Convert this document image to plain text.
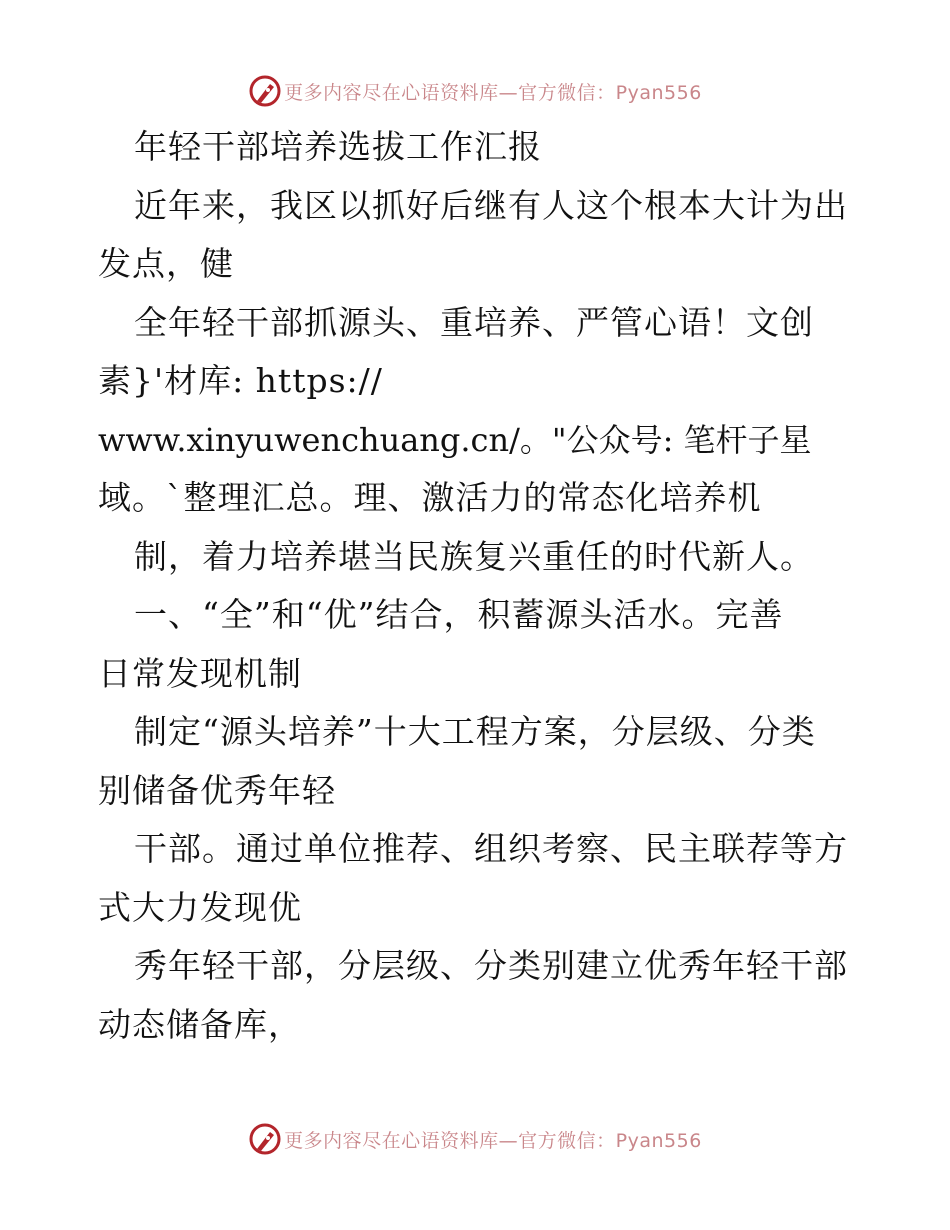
更多内容尽在心语资料库—官方微信：Pyan556
年轻干部培养选拔工作汇报
近年来，我区以抓好后继有人这个根本大计为出
发点，健
全年轻干部抓源头、重培养、严管心语！文创
素}'材库: https://
www.xinyuwenchuang.cn/。"公众号: 笔杆子星
域。`整理汇总。理、激活力的常态化培养机
制，着力培养堪当民族复兴重任的时代新人。
一、“全”和“优”结合，积蓄源头活水。完善
日常发现机制
制定“源头培养”十大工程方案，分层级、分类
别储备优秀年轻
干部。通过单位推荐、组织考察、民主联荐等方
式大力发现优
秀年轻干部，分层级、分类别建立优秀年轻干部
动态储备库，
更多内容尽在心语资料库—官方微信：Pyan556
